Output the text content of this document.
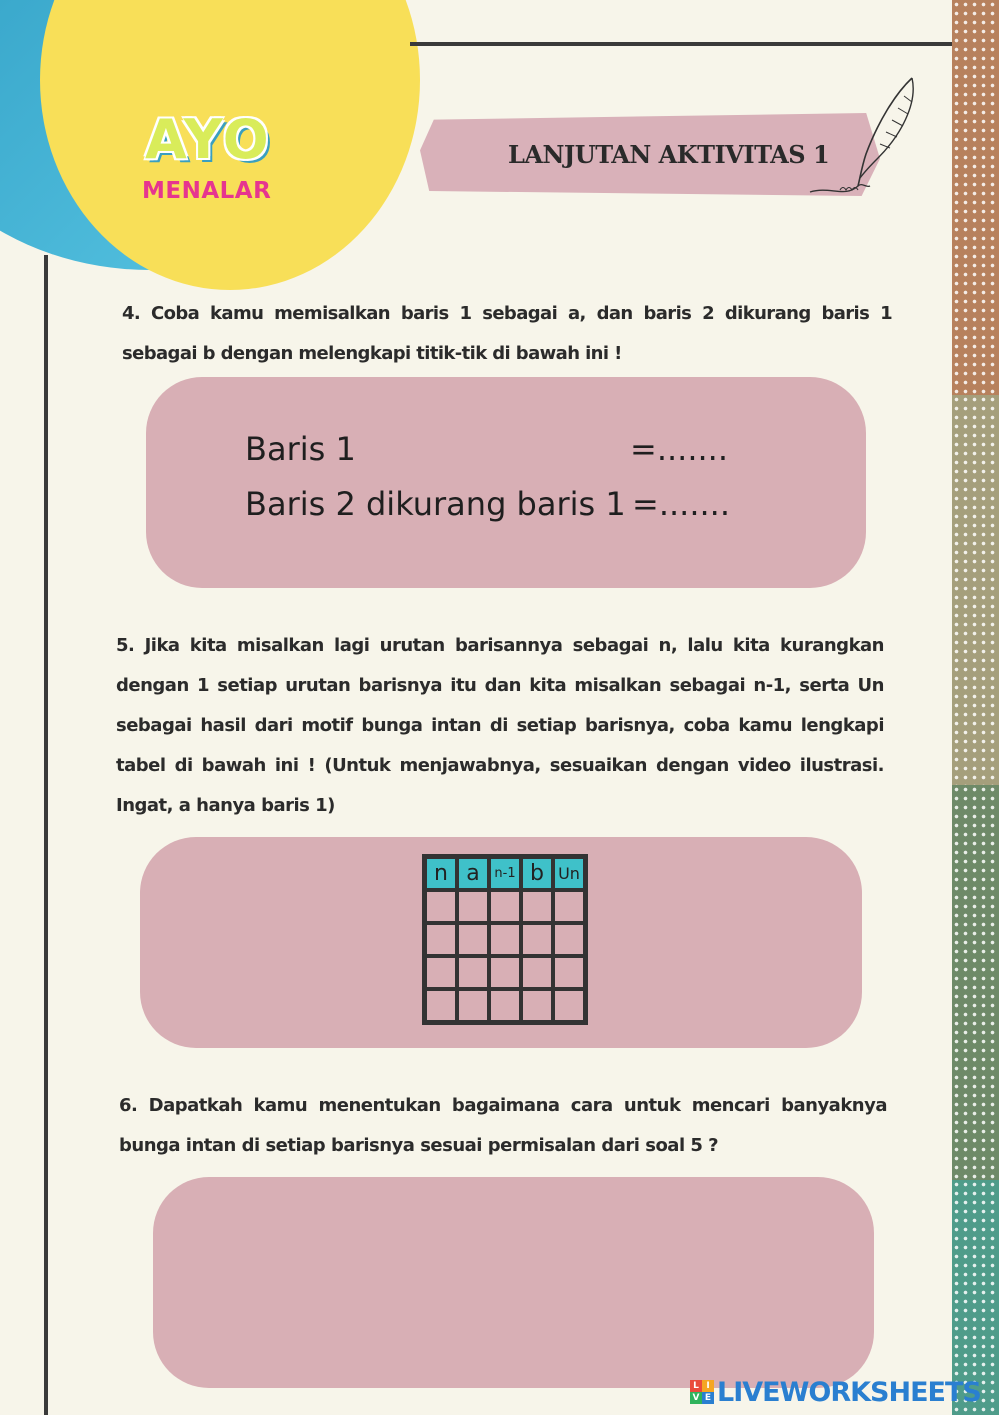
AYO
MENALAR
LANJUTAN AKTIVITAS 1
4. Coba kamu memisalkan baris 1 sebagai a, dan baris 2 dikurang baris 1 sebagai b dengan melengkapi titik-tik di bawah ini !
Baris 1	=.......
Baris 2 dikurang baris 1 =.......
5. Jika kita misalkan lagi urutan barisannya sebagai n, lalu kita kurangkan dengan 1 setiap urutan barisnya itu dan kita misalkan sebagai n-1, serta Un sebagai hasil dari motif bunga intan di setiap barisnya, coba kamu lengkapi tabel di bawah ini ! (Untuk menjawabnya, sesuaikan dengan video ilustrasi. Ingat, a hanya baris 1)
n	a	n-1	b	Un

6. Dapatkah kamu menentukan bagaimana cara untuk mencari banyaknya bunga intan di setiap barisnya sesuai permisalan dari soal 5 ?
L I
V E LIVEWORKSHEETS
